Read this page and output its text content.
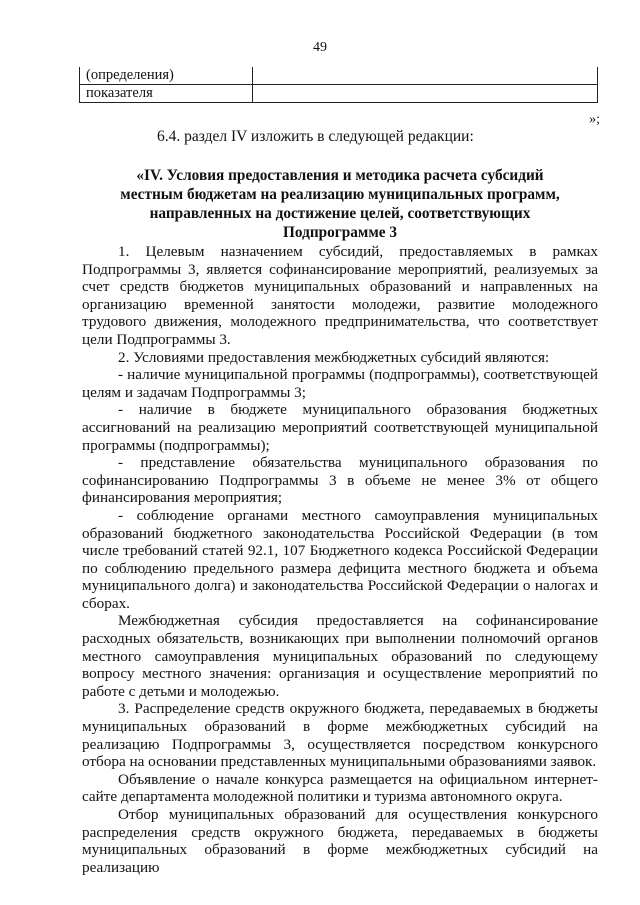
49
(определения)	
показателя	
»;
6.4. раздел IV изложить в следующей редакции:
«IV. Условия предоставления и методика расчета субсидий
местным бюджетам на реализацию муниципальных программ,
направленных на достижение целей, соответствующих
Подпрограмме 3

1. Целевым назначением субсидий, предоставляемых в рамках Подпрограммы 3, является софинансирование мероприятий, реализуемых за счет средств бюджетов муниципальных образований и направленных на организацию временной занятости молодежи, развитие молодежного трудового движения, молодежного предпринимательства, что соответствует цели Подпрограммы 3.

2. Условиями предоставления межбюджетных субсидий являются:

- наличие муниципальной программы (подпрограммы), соответствующей целям и задачам Подпрограммы 3;

- наличие в бюджете муниципального образования бюджетных ассигнований на реализацию мероприятий соответствующей муниципальной программы (подпрограммы);

- представление обязательства муниципального образования по софинансированию Подпрограммы 3 в объеме не менее 3% от общего финансирования мероприятия;

- соблюдение органами местного самоуправления муниципальных образований бюджетного законодательства Российской Федерации (в том числе требований статей 92.1, 107 Бюджетного кодекса Российской Федерации по соблюдению предельного размера дефицита местного бюджета и объема муниципального долга) и законодательства Российской Федерации о налогах и сборах.

Межбюджетная субсидия предоставляется на софинансирование расходных обязательств, возникающих при выполнении полномочий органов местного самоуправления муниципальных образований по следующему вопросу местного значения: организация и осуществление мероприятий по работе с детьми и молодежью.

3. Распределение средств окружного бюджета, передаваемых в бюджеты муниципальных образований в форме межбюджетных субсидий на реализацию Подпрограммы 3, осуществляется посредством конкурсного отбора на основании представленных муниципальными образованиями заявок.

Объявление о начале конкурса размещается на официальном интернет-сайте департамента молодежной политики и туризма автономного округа.

Отбор муниципальных образований для осуществления конкурсного распределения средств окружного бюджета, передаваемых в бюджеты муниципальных образований в форме межбюджетных субсидий на реализацию
